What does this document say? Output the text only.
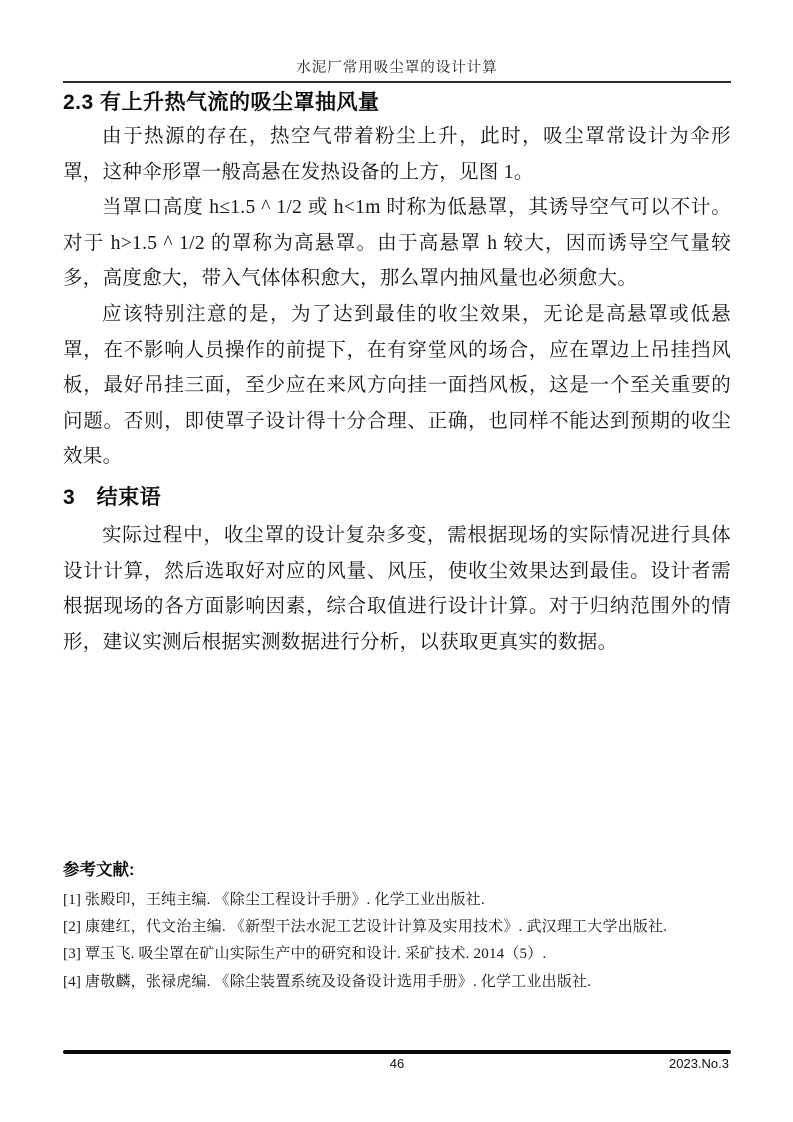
水泥厂常用吸尘罩的设计计算
2.3 有上升热气流的吸尘罩抽风量

由于热源的存在，热空气带着粉尘上升，此时，吸尘罩常设计为伞形罩，这种伞形罩一般高悬在发热设备的上方，见图 1。

当罩口高度 h≤1.5 ^ 1/2 或 h<1m 时称为低悬罩，其诱导空气可以不计。对于 h>1.5 ^ 1/2 的罩称为高悬罩。由于高悬罩 h 较大，因而诱导空气量较多，高度愈大，带入气体体积愈大，那么罩内抽风量也必须愈大。

应该特别注意的是，为了达到最佳的收尘效果，无论是高悬罩或低悬罩，在不影响人员操作的前提下，在有穿堂风的场合，应在罩边上吊挂挡风板，最好吊挂三面，至少应在来风方向挂一面挡风板，这是一个至关重要的问题。否则，即使罩子设计得十分合理、正确，也同样不能达到预期的收尘效果。

3　结束语

实际过程中，收尘罩的设计复杂多变，需根据现场的实际情况进行具体设计计算，然后选取好对应的风量、风压，使收尘效果达到最佳。设计者需根据现场的各方面影响因素，综合取值进行设计计算。对于归纳范围外的情形，建议实测后根据实测数据进行分析，以获取更真实的数据。

参考文献:
[1] 张殿印，王纯主编. 《除尘工程设计手册》. 化学工业出版社.
[2] 康建红，代文治主编. 《新型干法水泥工艺设计计算及实用技术》. 武汉理工大学出版社.
[3] 覃玉飞. 吸尘罩在矿山实际生产中的研究和设计. 采矿技术. 2014（5）.
[4] 唐敬麟，张禄虎编. 《除尘装置系统及设备设计选用手册》. 化学工业出版社.
46	2023.No.3
